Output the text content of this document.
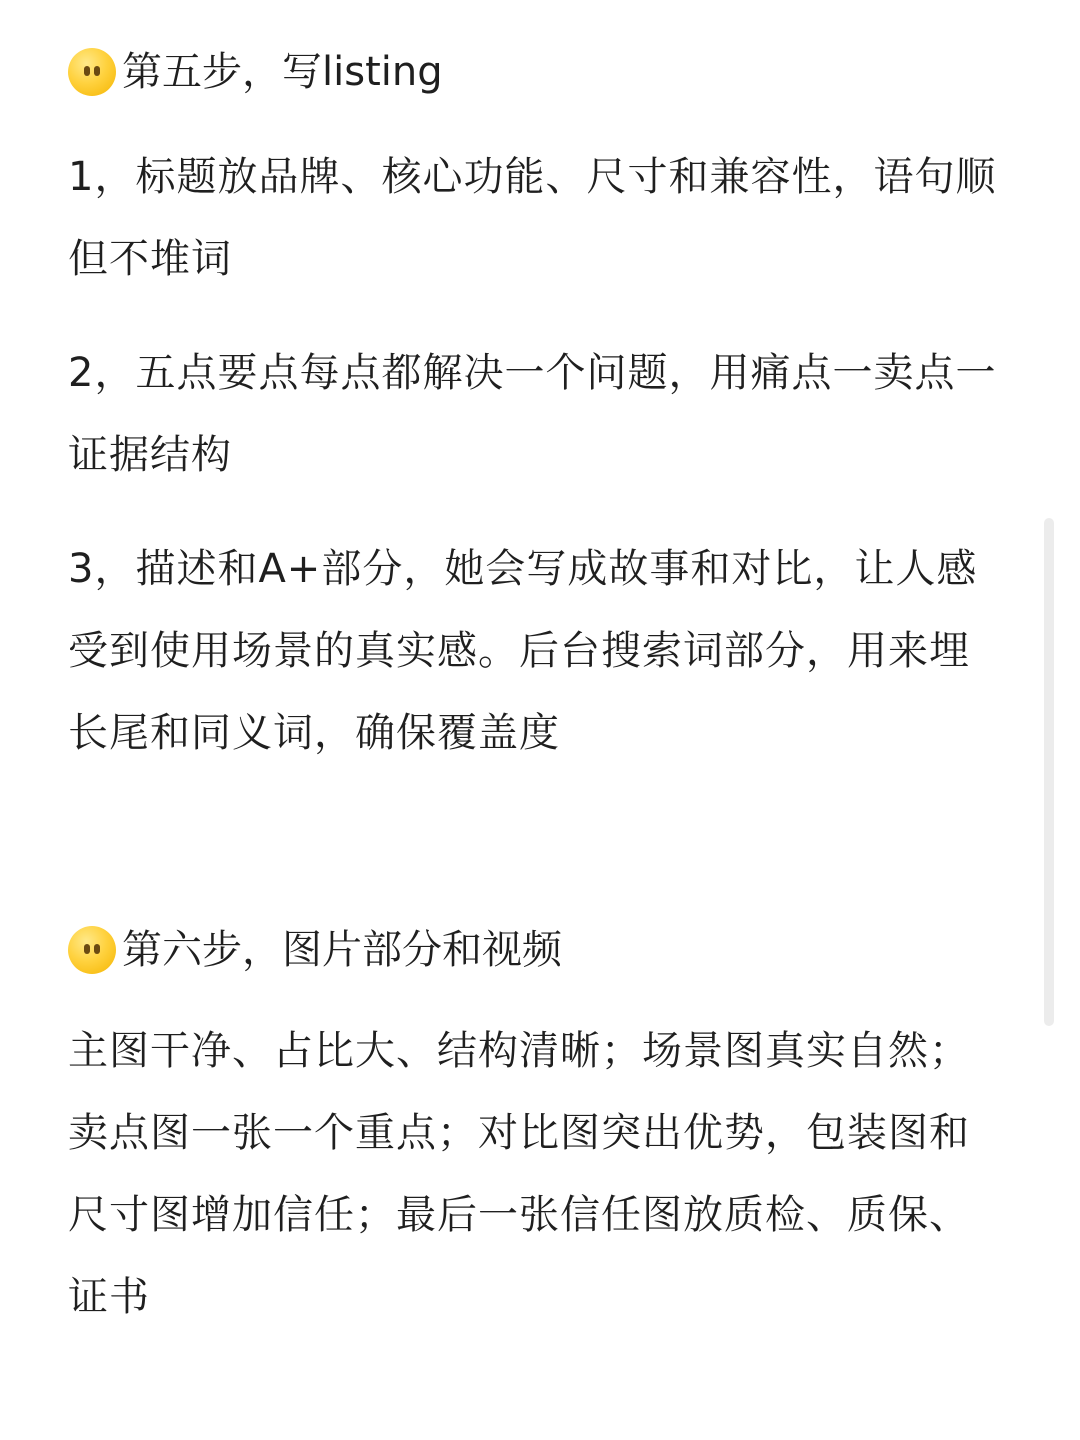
第五步，写listing

1，标题放品牌、核心功能、尺寸和兼容性，语句顺但不堆词

2，五点要点每点都解决一个问题，用痛点一卖点一证据结构

3，描述和A+部分，她会写成故事和对比，让人感受到使用场景的真实感。后台搜索词部分，用来埋长尾和同义词，确保覆盖度

第六步，图片部分和视频

主图干净、占比大、结构清晰；场景图真实自然；卖点图一张一个重点；对比图突出优势，包装图和尺寸图增加信任；最后一张信任图放质检、质保、证书
